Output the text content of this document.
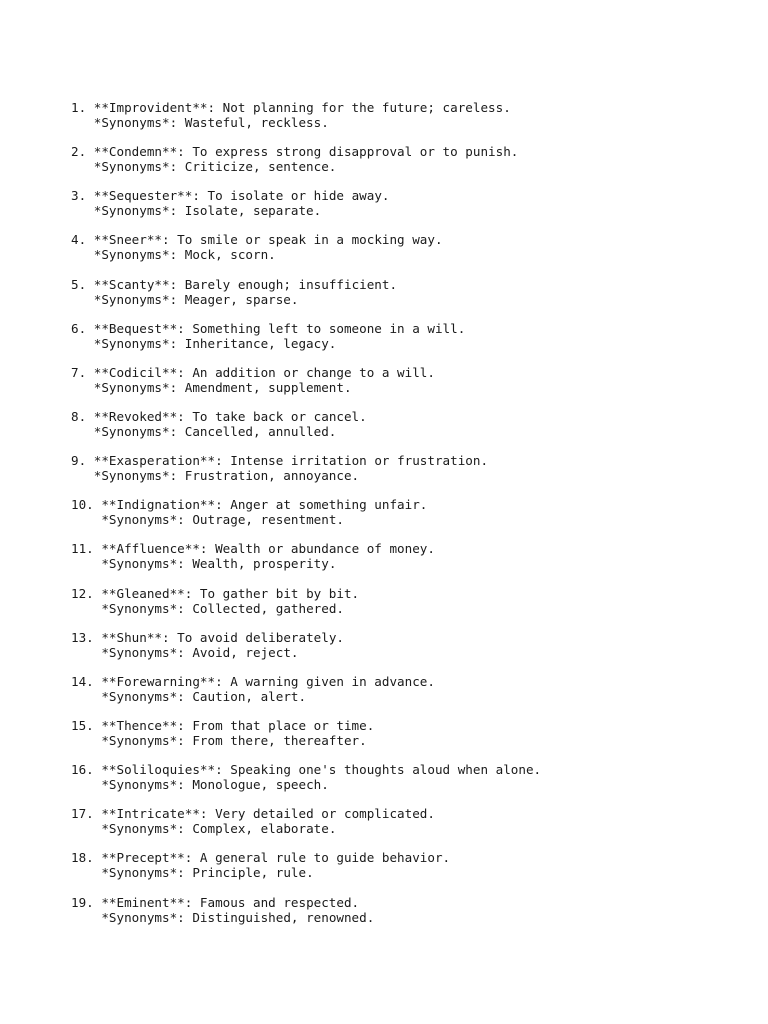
1. **Improvident**: Not planning for the future; careless.
*Synonyms*: Wasteful, reckless.
2. **Condemn**: To express strong disapproval or to punish.
*Synonyms*: Criticize, sentence.
3. **Sequester**: To isolate or hide away.
*Synonyms*: Isolate, separate.
4. **Sneer**: To smile or speak in a mocking way.
*Synonyms*: Mock, scorn.
5. **Scanty**: Barely enough; insufficient.
*Synonyms*: Meager, sparse.
6. **Bequest**: Something left to someone in a will.
*Synonyms*: Inheritance, legacy.
7. **Codicil**: An addition or change to a will.
*Synonyms*: Amendment, supplement.
8. **Revoked**: To take back or cancel.
*Synonyms*: Cancelled, annulled.
9. **Exasperation**: Intense irritation or frustration.
*Synonyms*: Frustration, annoyance.
10. **Indignation**: Anger at something unfair.
*Synonyms*: Outrage, resentment.
11. **Affluence**: Wealth or abundance of money.
*Synonyms*: Wealth, prosperity.
12. **Gleaned**: To gather bit by bit.
*Synonyms*: Collected, gathered.
13. **Shun**: To avoid deliberately.
*Synonyms*: Avoid, reject.
14. **Forewarning**: A warning given in advance.
*Synonyms*: Caution, alert.
15. **Thence**: From that place or time.
*Synonyms*: From there, thereafter.
16. **Soliloquies**: Speaking one's thoughts aloud when alone.
*Synonyms*: Monologue, speech.
17. **Intricate**: Very detailed or complicated.
*Synonyms*: Complex, elaborate.
18. **Precept**: A general rule to guide behavior.
*Synonyms*: Principle, rule.
19. **Eminent**: Famous and respected.
*Synonyms*: Distinguished, renowned.
